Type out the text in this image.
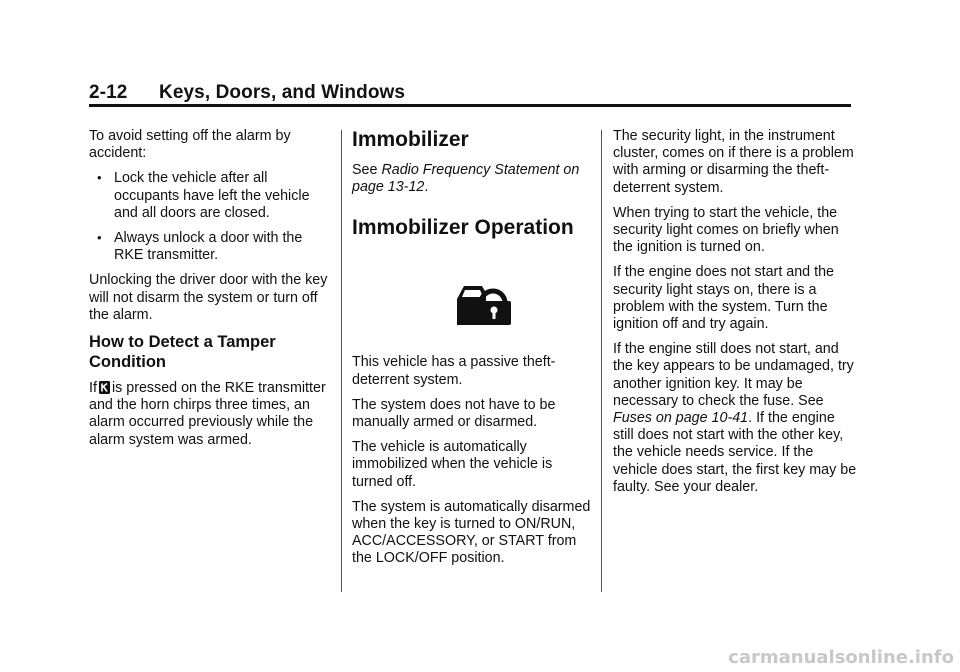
2-12 Keys, Doors, and Windows

To avoid setting off the alarm by accident:

• Lock the vehicle after all occupants have left the vehicle and all doors are closed.
• Always unlock a door with the RKE transmitter.

Unlocking the driver door with the key will not disarm the system or turn off the alarm.

How to Detect a Tamper Condition

If is pressed on the RKE transmitter and the horn chirps three times, an alarm occurred previously while the alarm system was armed.

Immobilizer

See Radio Frequency Statement on page 13-12.

Immobilizer Operation

This vehicle has a passive theft-deterrent system.

The system does not have to be manually armed or disarmed.

The vehicle is automatically immobilized when the vehicle is turned off.

The system is automatically disarmed when the key is turned to ON/RUN, ACC/ACCESSORY, or START from the LOCK/OFF position.

The security light, in the instrument cluster, comes on if there is a problem with arming or disarming the theft-deterrent system.

When trying to start the vehicle, the security light comes on briefly when the ignition is turned on.

If the engine does not start and the security light stays on, there is a problem with the system. Turn the ignition off and try again.

If the engine still does not start, and the key appears to be undamaged, try another ignition key. It may be necessary to check the fuse. See Fuses on page 10-41. If the engine still does not start with the other key, the vehicle needs service. If the vehicle does start, the first key may be faulty. See your dealer.

carmanualsonline.info
